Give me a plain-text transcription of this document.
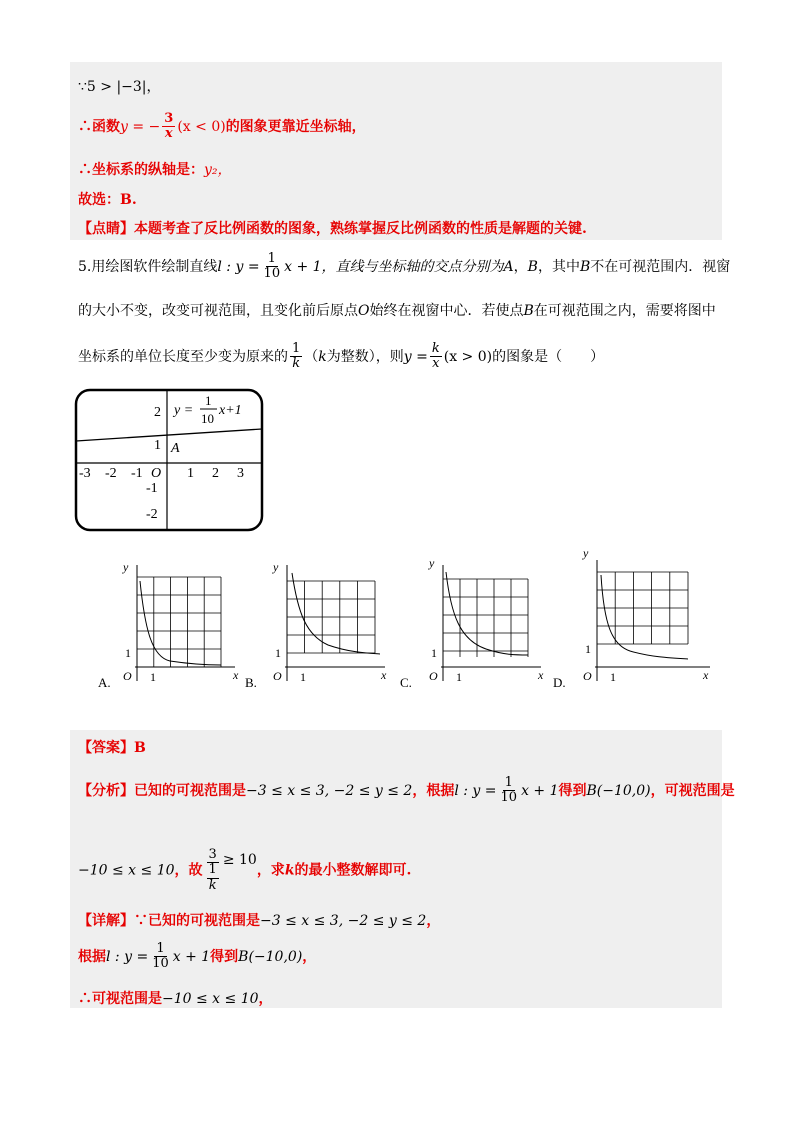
∵5 > |−3|，
∴函数y = − $\frac{3}{x} (x < 0)$的图象更靠近坐标轴，
∴坐标系的纵轴是：y₂，
故选：B.
【点睛】本题考查了反比例函数的图象，熟练掌握反比例函数的性质是解题的关键.
5.用绘图软件绘制直线l : $y = \frac{1}{10}$ x + 1，直线与坐标轴的交点分别为A，B，其中B不在可视范围内．视窗
的大小不变，改变可视范围，且变化前后原点O始终在视窗中心．若使点B在可视范围之内，需要将图中
坐标系的单位长度至少变为原来的 $\frac{1}{k} (k$为整数），则$y = \frac{k}{x} (x > 0)$的图象是（　　）
y =
1
10
x+1
A
O
-3 -2 -1	1 2 3
2
1
-1
-2
y
x
O 1
1
A.
y
x
O 1
1
B.
y
x
O 1
1
C.
y
x
O 1
1
D.
【答案】B
【分析】已知的可视范围是−3 ≤ x ≤ 3, −2 ≤ y ≤ 2，根据l : $y = \frac{1}{10}$ x + 1得到B(−10,0)，可视范围是
−10 ≤ x ≤ 10，故 3
1
k ≥ 10，求k的最小整数解即可.
【详解】∵已知的可视范围是−3 ≤ x ≤ 3, −2 ≤ y ≤ 2，
根据l : $y = \frac{1}{10}$ x + 1得到B(−10,0)，
∴可视范围是−10 ≤ x ≤ 10，
